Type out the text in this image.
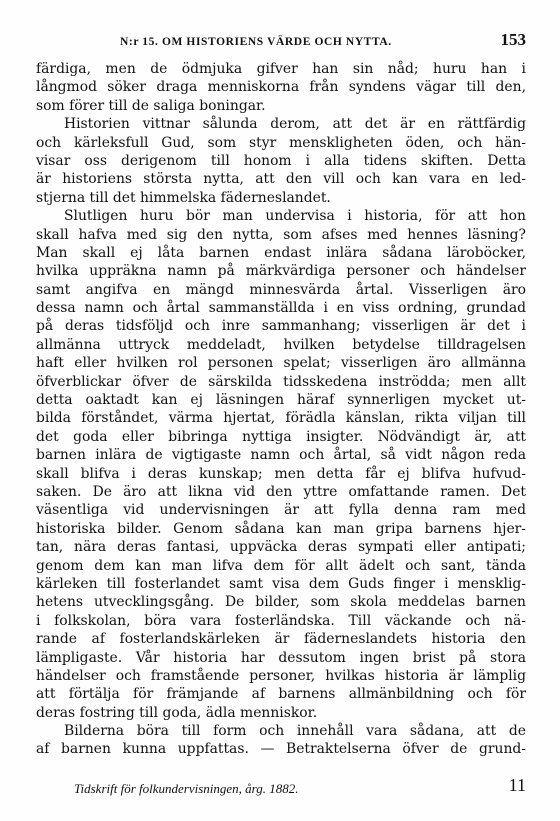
N:r 15. OM HISTORIENS VÄRDE OCH NYTTA.	153
färdiga, men de ödmjuka gifver han sin nåd; huru han i
långmod söker draga menniskorna från syndens vägar till den,
som förer till de saliga boningar.
Historien vittnar sålunda derom, att det är en rättfärdig
och kärleksfull Gud, som styr menskligheten öden, och hän-
visar oss derigenom till honom i alla tidens skiften. Detta
är historiens största nytta, att den vill och kan vara en led-
stjerna till det himmelska fäderneslandet.
Slutligen huru bör man undervisa i historia, för att hon
skall hafva med sig den nytta, som afses med hennes läsning?
Man skall ej låta barnen endast inlära sådana läroböcker,
hvilka uppräkna namn på märkvärdiga personer och händelser
samt angifva en mängd minnesvärda årtal. Visserligen äro
dessa namn och årtal sammanställda i en viss ordning, grundad
på deras tidsföljd och inre sammanhang; visserligen är det i
allmänna uttryck meddeladt, hvilken betydelse tilldragelsen
haft eller hvilken rol personen spelat; visserligen äro allmänna
öfverblickar öfver de särskilda tidsskedena inströdda; men allt
detta oaktadt kan ej läsningen häraf synnerligen mycket ut-
bilda förståndet, värma hjertat, förädla känslan, rikta viljan till
det goda eller bibringa nyttiga insigter. Nödvändigt är, att
barnen inlära de vigtigaste namn och årtal, så vidt någon reda
skall blifva i deras kunskap; men detta får ej blifva hufvud-
saken. De äro att likna vid den yttre omfattande ramen. Det
väsentliga vid undervisningen är att fylla denna ram med
historiska bilder. Genom sådana kan man gripa barnens hjer-
tan, nära deras fantasi, uppväcka deras sympati eller antipati;
genom dem kan man lifva dem för allt ädelt och sant, tända
kärleken till fosterlandet samt visa dem Guds finger i mensklig-
hetens utvecklingsgång. De bilder, som skola meddelas barnen
i folkskolan, böra vara fosterländska. Till väckande och nä-
rande af fosterlandskärleken är fäderneslandets historia den
lämpligaste. Vår historia har dessutom ingen brist på stora
händelser och framstående personer, hvilkas historia är lämplig
att förtälja för främjande af barnens allmänbildning och för
deras fostring till goda, ädla menniskor.
Bilderna böra till form och innehåll vara sådana, att de
af barnen kunna uppfattas. — Betraktelserna öfver de grund-
Tidskrift för folkundervisningen, årg. 1882.	11
